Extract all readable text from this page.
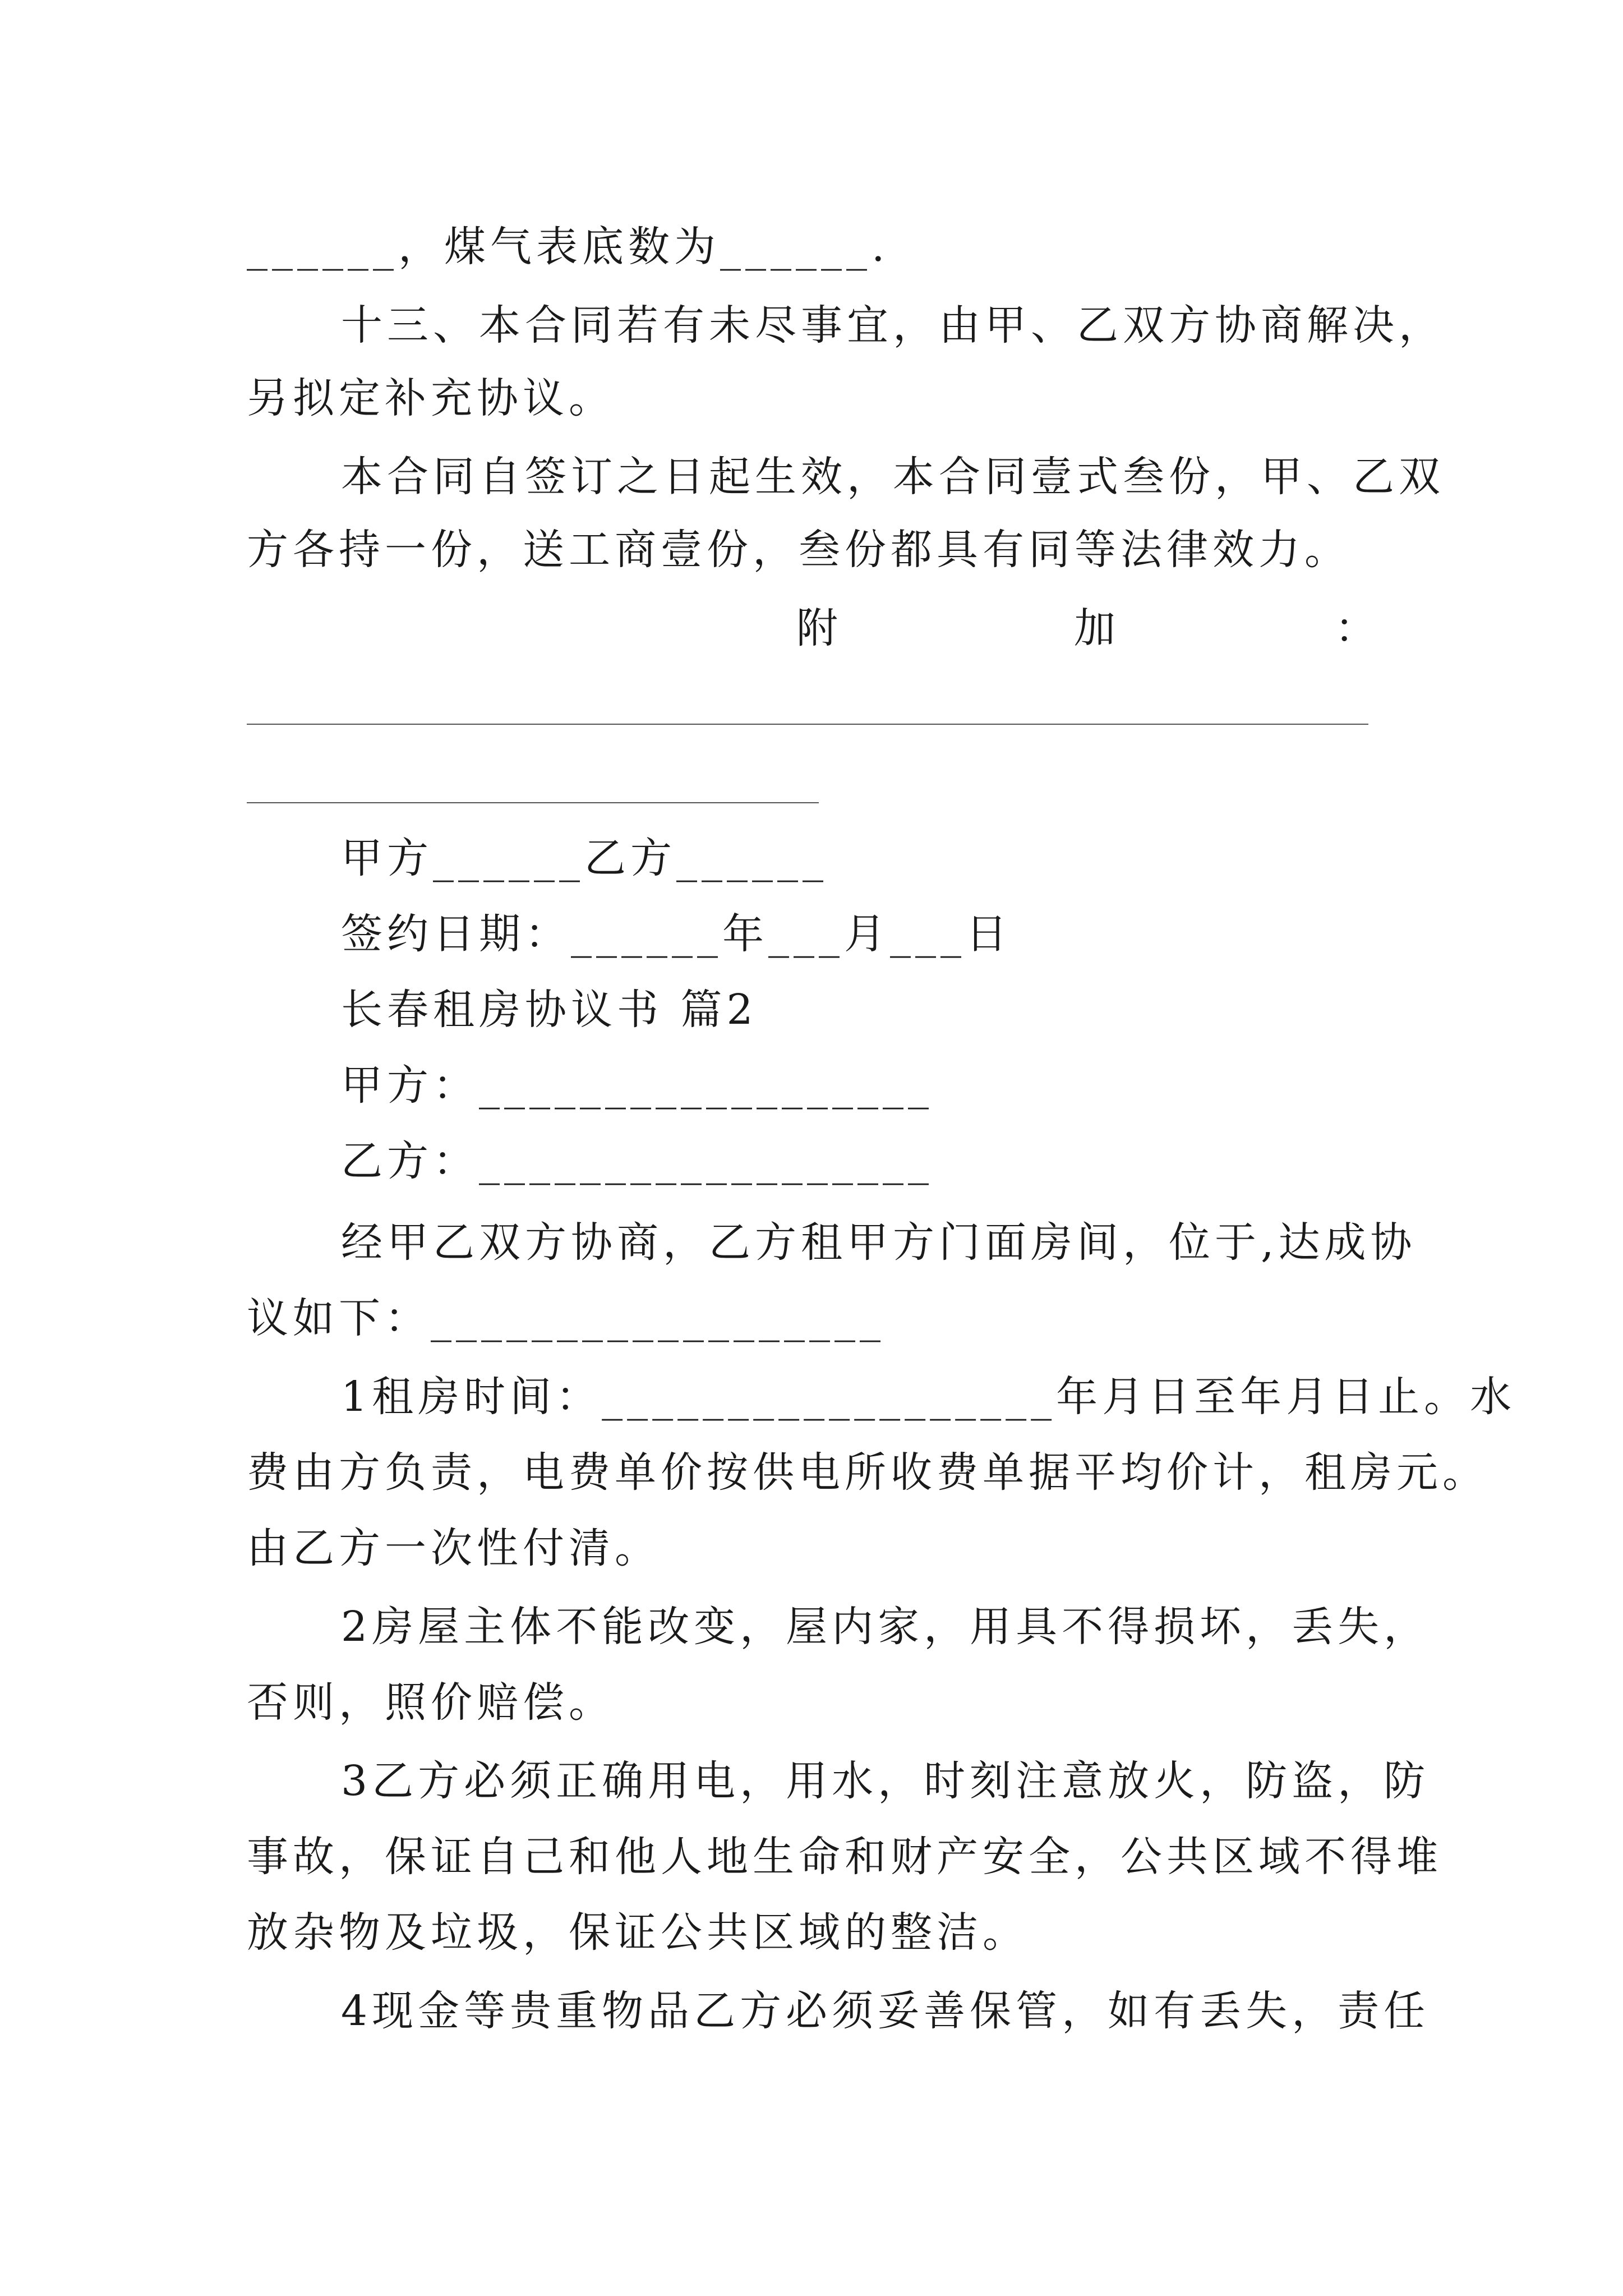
______，煤气表底数为______.
十三、本合同若有未尽事宜，由甲、乙双方协商解决，
另拟定补充协议。
本合同自签订之日起生效，本合同壹式叁份，甲、乙双
方各持一份，送工商壹份，叁份都具有同等法律效力。
附	加	：
甲方______乙方______
签约日期：______年___月___日
长春租房协议书 篇2
甲方：__________________
乙方：__________________
经甲乙双方协商，乙方租甲方门面房间，位于,达成协
议如下：__________________
1租房时间：__________________年月日至年月日止。水
费由方负责，电费单价按供电所收费单据平均价计，租房元。
由乙方一次性付清。
2房屋主体不能改变，屋内家，用具不得损坏，丢失，
否则，照价赔偿。
3乙方必须正确用电，用水，时刻注意放火，防盗，防
事故，保证自己和他人地生命和财产安全，公共区域不得堆
放杂物及垃圾，保证公共区域的整洁。
4现金等贵重物品乙方必须妥善保管，如有丢失，责任
